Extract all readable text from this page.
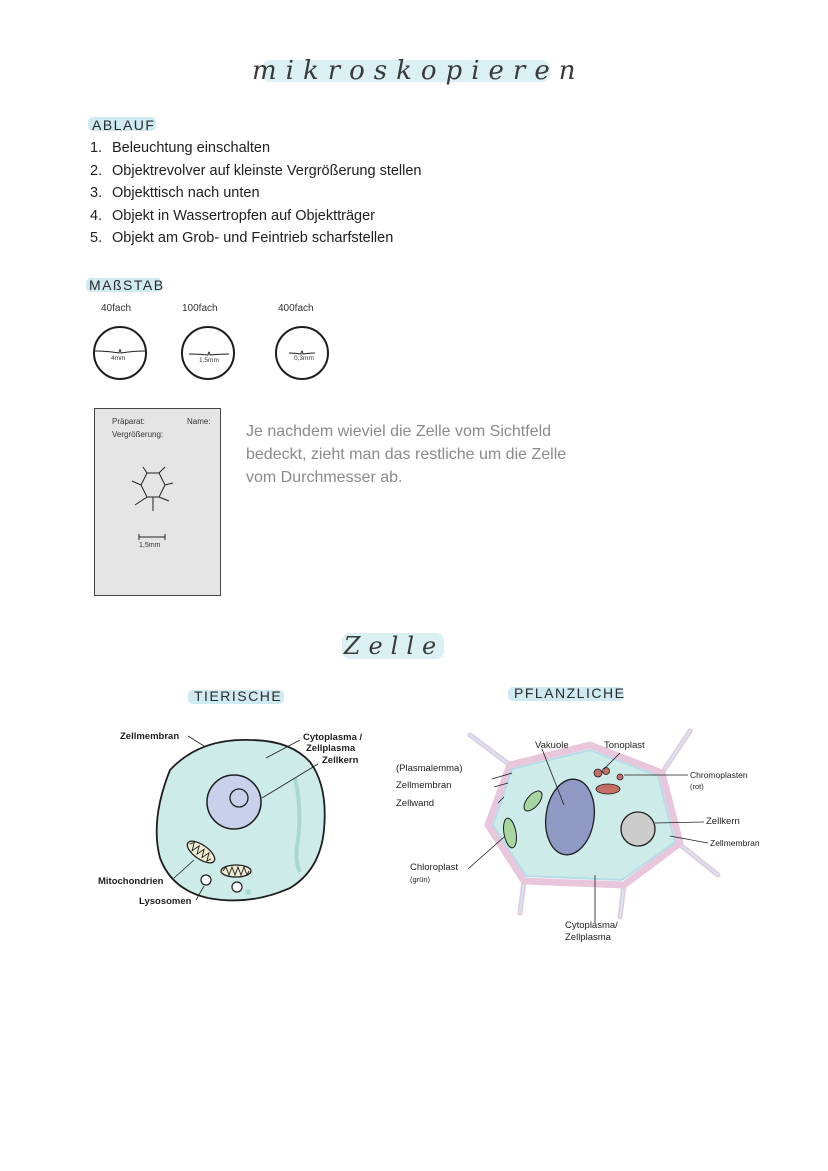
mikroskopieren
ABLAUF
1. Beleuchtung einschalten
2. Objektrevolver auf kleinste Vergrößerung stellen
3. Objekttisch nach unten
4. Objekt in Wassertropfen auf Objektträger
5. Objekt am Grob- und Feintrieb scharfstellen
MAßSTAB
40fach	100fach	400fach
4mm	1,5mm	0,3mm
Präparat:	Name:
Vergrößerung:
1,5mm
Je nachdem wieviel die Zelle vom Sichtfeld bedeckt, zieht man das restliche um die Zelle vom Durchmesser ab.
Zelle
TIERISCHE	PFLANZLICHE
Zellmembran	Cytoplasma /
Zellplasma
Zellkern
Mitochondrien
Lysosomen
Vakuole	Tonoplast
(Plasmalemma)
Zellmembran
Zellwand
Chromoplasten
(rot)
Zellkern
Zellmembran
Chloroplast
(grün)
Cytoplasma/
Zellplasma
